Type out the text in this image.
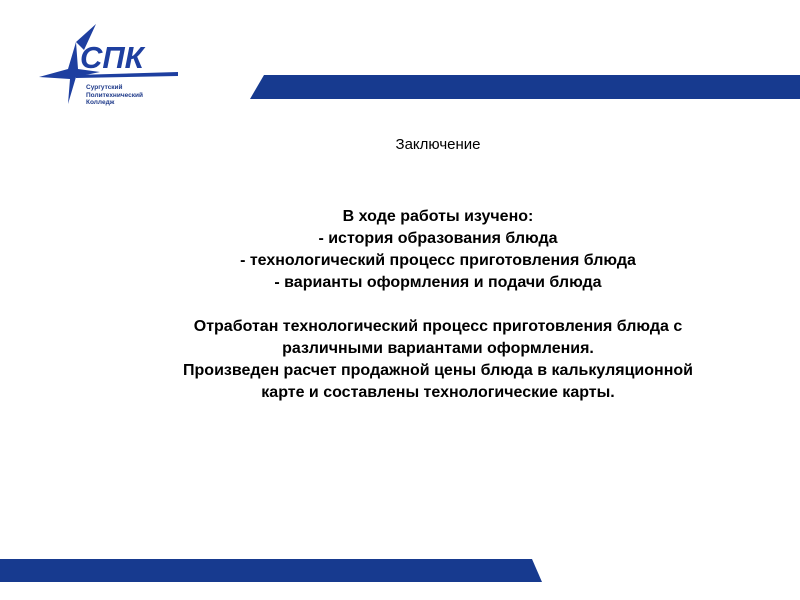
СПК
Сургутский
Политехнический
Колледж
Заключение
В ходе работы изучено:
- история образования блюда
- технологический процесс приготовления блюда
- варианты оформления и подачи блюда
Отработан технологический процесс приготовления блюда с
различными вариантами оформления.
Произведен расчет продажной цены блюда в калькуляционной
карте и составлены технологические карты.
